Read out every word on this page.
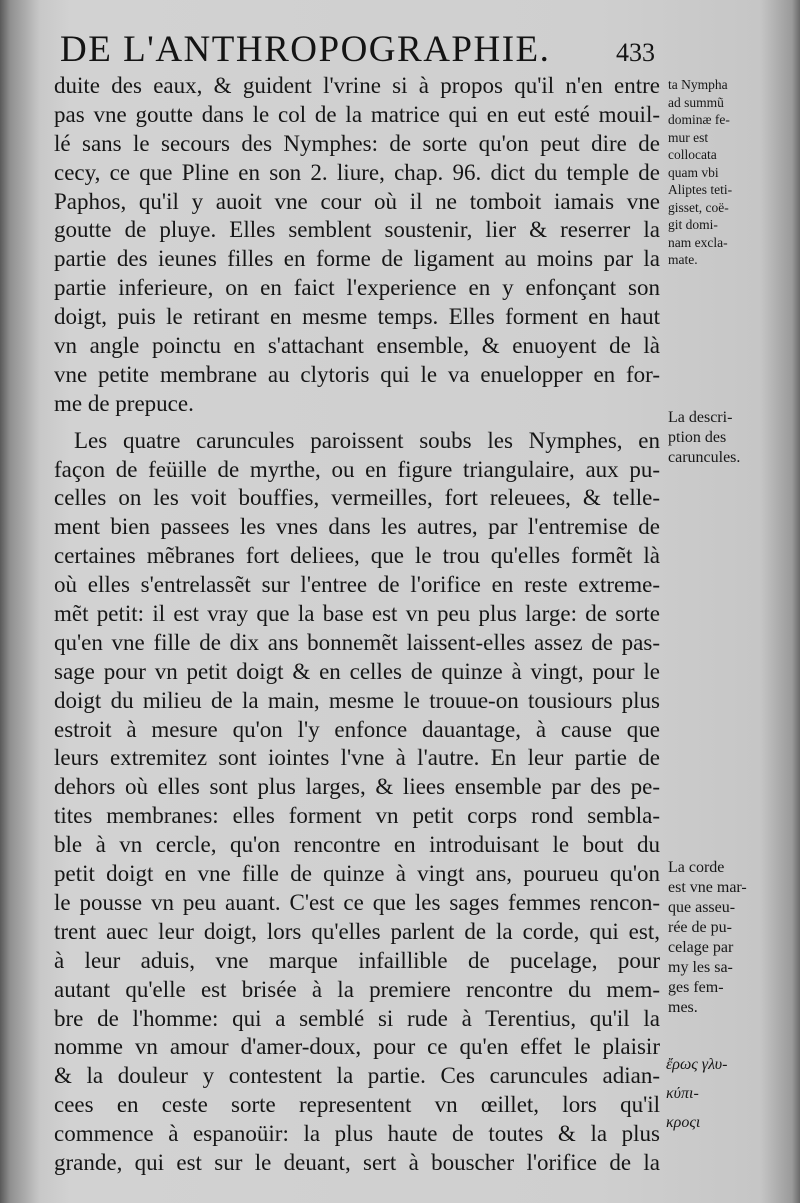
DE L'ANTHROPOGRAPHIE.	433
duite des eaux, & guident l'vrine si à propos qu'il n'en entre
pas vne goutte dans le col de la matrice qui en eut esté mouil-
lé sans le secours des Nymphes: de sorte qu'on peut dire de
cecy, ce que Pline en son 2. liure, chap. 96. dict du temple de
Paphos, qu'il y auoit vne cour où il ne tomboit iamais vne
goutte de pluye. Elles semblent soustenir, lier & reserrer la
partie des ieunes filles en forme de ligament au moins par la
partie inferieure, on en faict l'experience en y enfonçant son
doigt, puis le retirant en mesme temps. Elles forment en haut
vn angle poinctu en s'attachant ensemble, & enuoyent de là
vne petite membrane au clytoris qui le va enuelopper en for-
me de prepuce.
Les quatre caruncules paroissent soubs les Nymphes, en
façon de feüille de myrthe, ou en figure triangulaire, aux pu-
celles on les voit bouffies, vermeilles, fort releuees, & telle-
ment bien passees les vnes dans les autres, par l'entremise de
certaines mẽbranes fort deliees, que le trou qu'elles formẽt là
où elles s'entrelassẽt sur l'entree de l'orifice en reste extreme-
mẽt petit: il est vray que la base est vn peu plus large: de sorte
qu'en vne fille de dix ans bonnemẽt laissent-elles assez de pas-
sage pour vn petit doigt & en celles de quinze à vingt, pour le
doigt du milieu de la main, mesme le trouue-on tousiours plus
estroit à mesure qu'on l'y enfonce dauantage, à cause que
leurs extremitez sont iointes l'vne à l'autre. En leur partie de
dehors où elles sont plus larges, & liees ensemble par des pe-
tites membranes: elles forment vn petit corps rond sembla-
ble à vn cercle, qu'on rencontre en introduisant le bout du
petit doigt en vne fille de quinze à vingt ans, pourueu qu'on
le pousse vn peu auant. C'est ce que les sages femmes rencon-
trent auec leur doigt, lors qu'elles parlent de la corde, qui est,
à leur aduis, vne marque infaillible de pucelage, pour
autant qu'elle est brisée à la premiere rencontre du mem-
bre de l'homme: qui a semblé si rude à Terentius, qu'il la
nomme vn amour d'amer-doux, pour ce qu'en effet le plaisir
& la douleur y contestent la partie. Ces caruncules adian-
cees en ceste sorte representent vn œillet, lors qu'il
commence à espanoüir: la plus haute de toutes & la plus
grande, qui est sur le deuant, sert à bouscher l'orifice de la
ta Nympha
ad summũ
dominæ fe-
mur est
collocata
quam vbi
Aliptes teti-
gisset, coë-
git domi-
nam excla-
mate.
La descri-
ption des
caruncules.
La corde
est vne mar-
que asseu-
rée de pu-
celage par
my les sa-
ges fem-
mes.
ἔρως γλυ-
κύπι-
κροςι
